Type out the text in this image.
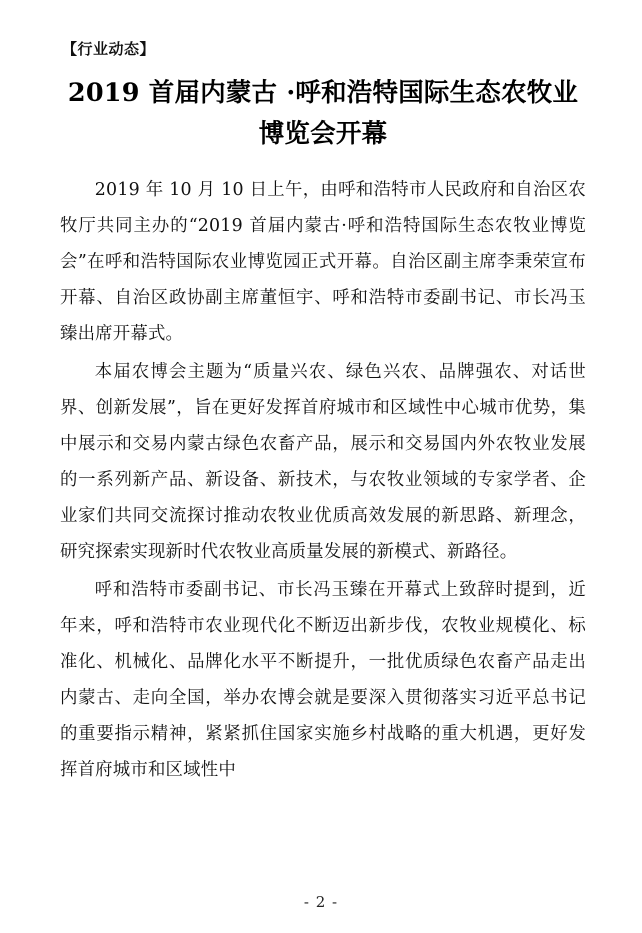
【行业动态】
2019 首届内蒙古 ·呼和浩特国际生态农牧业
博览会开幕

2019 年 10 月 10 日上午，由呼和浩特市人民政府和自治区农牧厅共同主办的“2019 首届内蒙古·呼和浩特国际生态农牧业博览会”在呼和浩特国际农业博览园正式开幕。自治区副主席李秉荣宣布开幕、自治区政协副主席董恒宇、呼和浩特市委副书记、市长冯玉臻出席开幕式。

本届农博会主题为“质量兴农、绿色兴农、品牌强农、对话世界、创新发展”，旨在更好发挥首府城市和区域性中心城市优势，集中展示和交易内蒙古绿色农畜产品，展示和交易国内外农牧业发展的一系列新产品、新设备、新技术，与农牧业领域的专家学者、企业家们共同交流探讨推动农牧业优质高效发展的新思路、新理念，研究探索实现新时代农牧业高质量发展的新模式、新路径。

呼和浩特市委副书记、市长冯玉臻在开幕式上致辞时提到，近年来，呼和浩特市农业现代化不断迈出新步伐，农牧业规模化、标准化、机械化、品牌化水平不断提升，一批优质绿色农畜产品走出内蒙古、走向全国，举办农博会就是要深入贯彻落实习近平总书记的重要指示精神，紧紧抓住国家实施乡村战略的重大机遇，更好发挥首府城市和区域性中

- 2 -
